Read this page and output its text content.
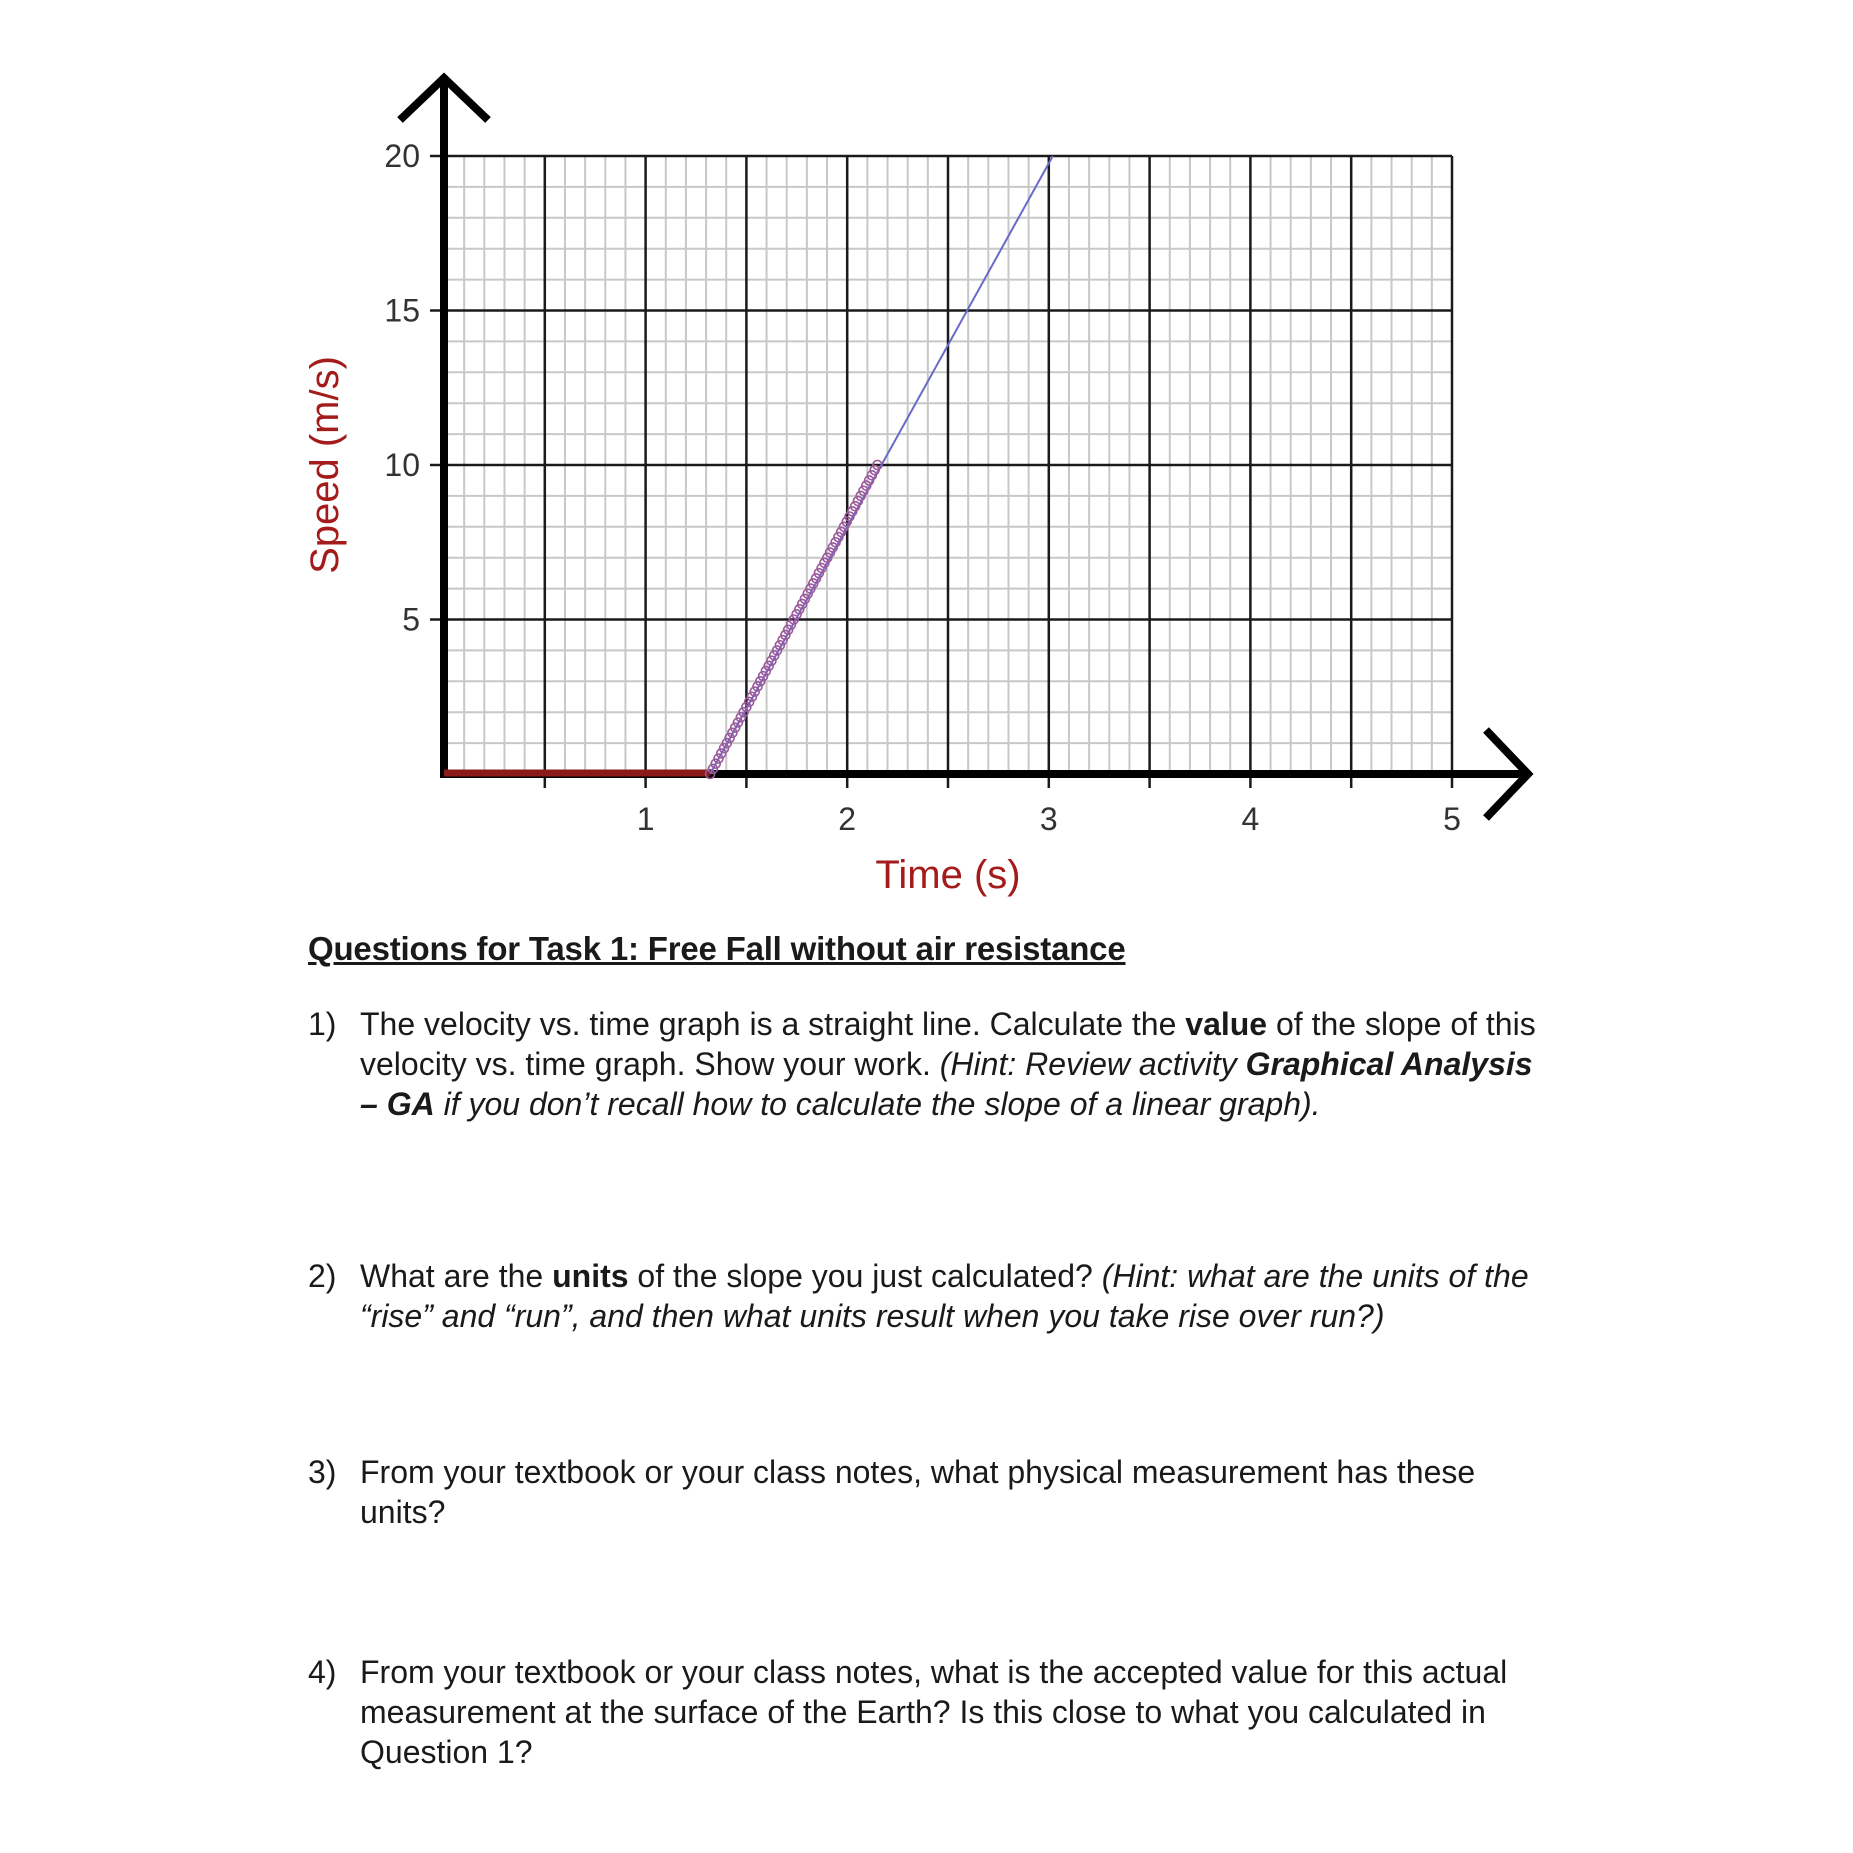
1	2	3	4	5
5
10
15
20
Time (s)
Speed (m/s)
Questions for Task 1: Free Fall without air resistance
1) The velocity vs. time graph is a straight line. Calculate the value of the slope of this velocity vs. time graph. Show your work. (Hint: Review activity Graphical Analysis – GA if you don’t recall how to calculate the slope of a linear graph).
2) What are the units of the slope you just calculated? (Hint: what are the units of the “rise” and “run”, and then what units result when you take rise over run?)
3) From your textbook or your class notes, what physical measurement has these units?
4) From your textbook or your class notes, what is the accepted value for this actual measurement at the surface of the Earth? Is this close to what you calculated in Question 1?
